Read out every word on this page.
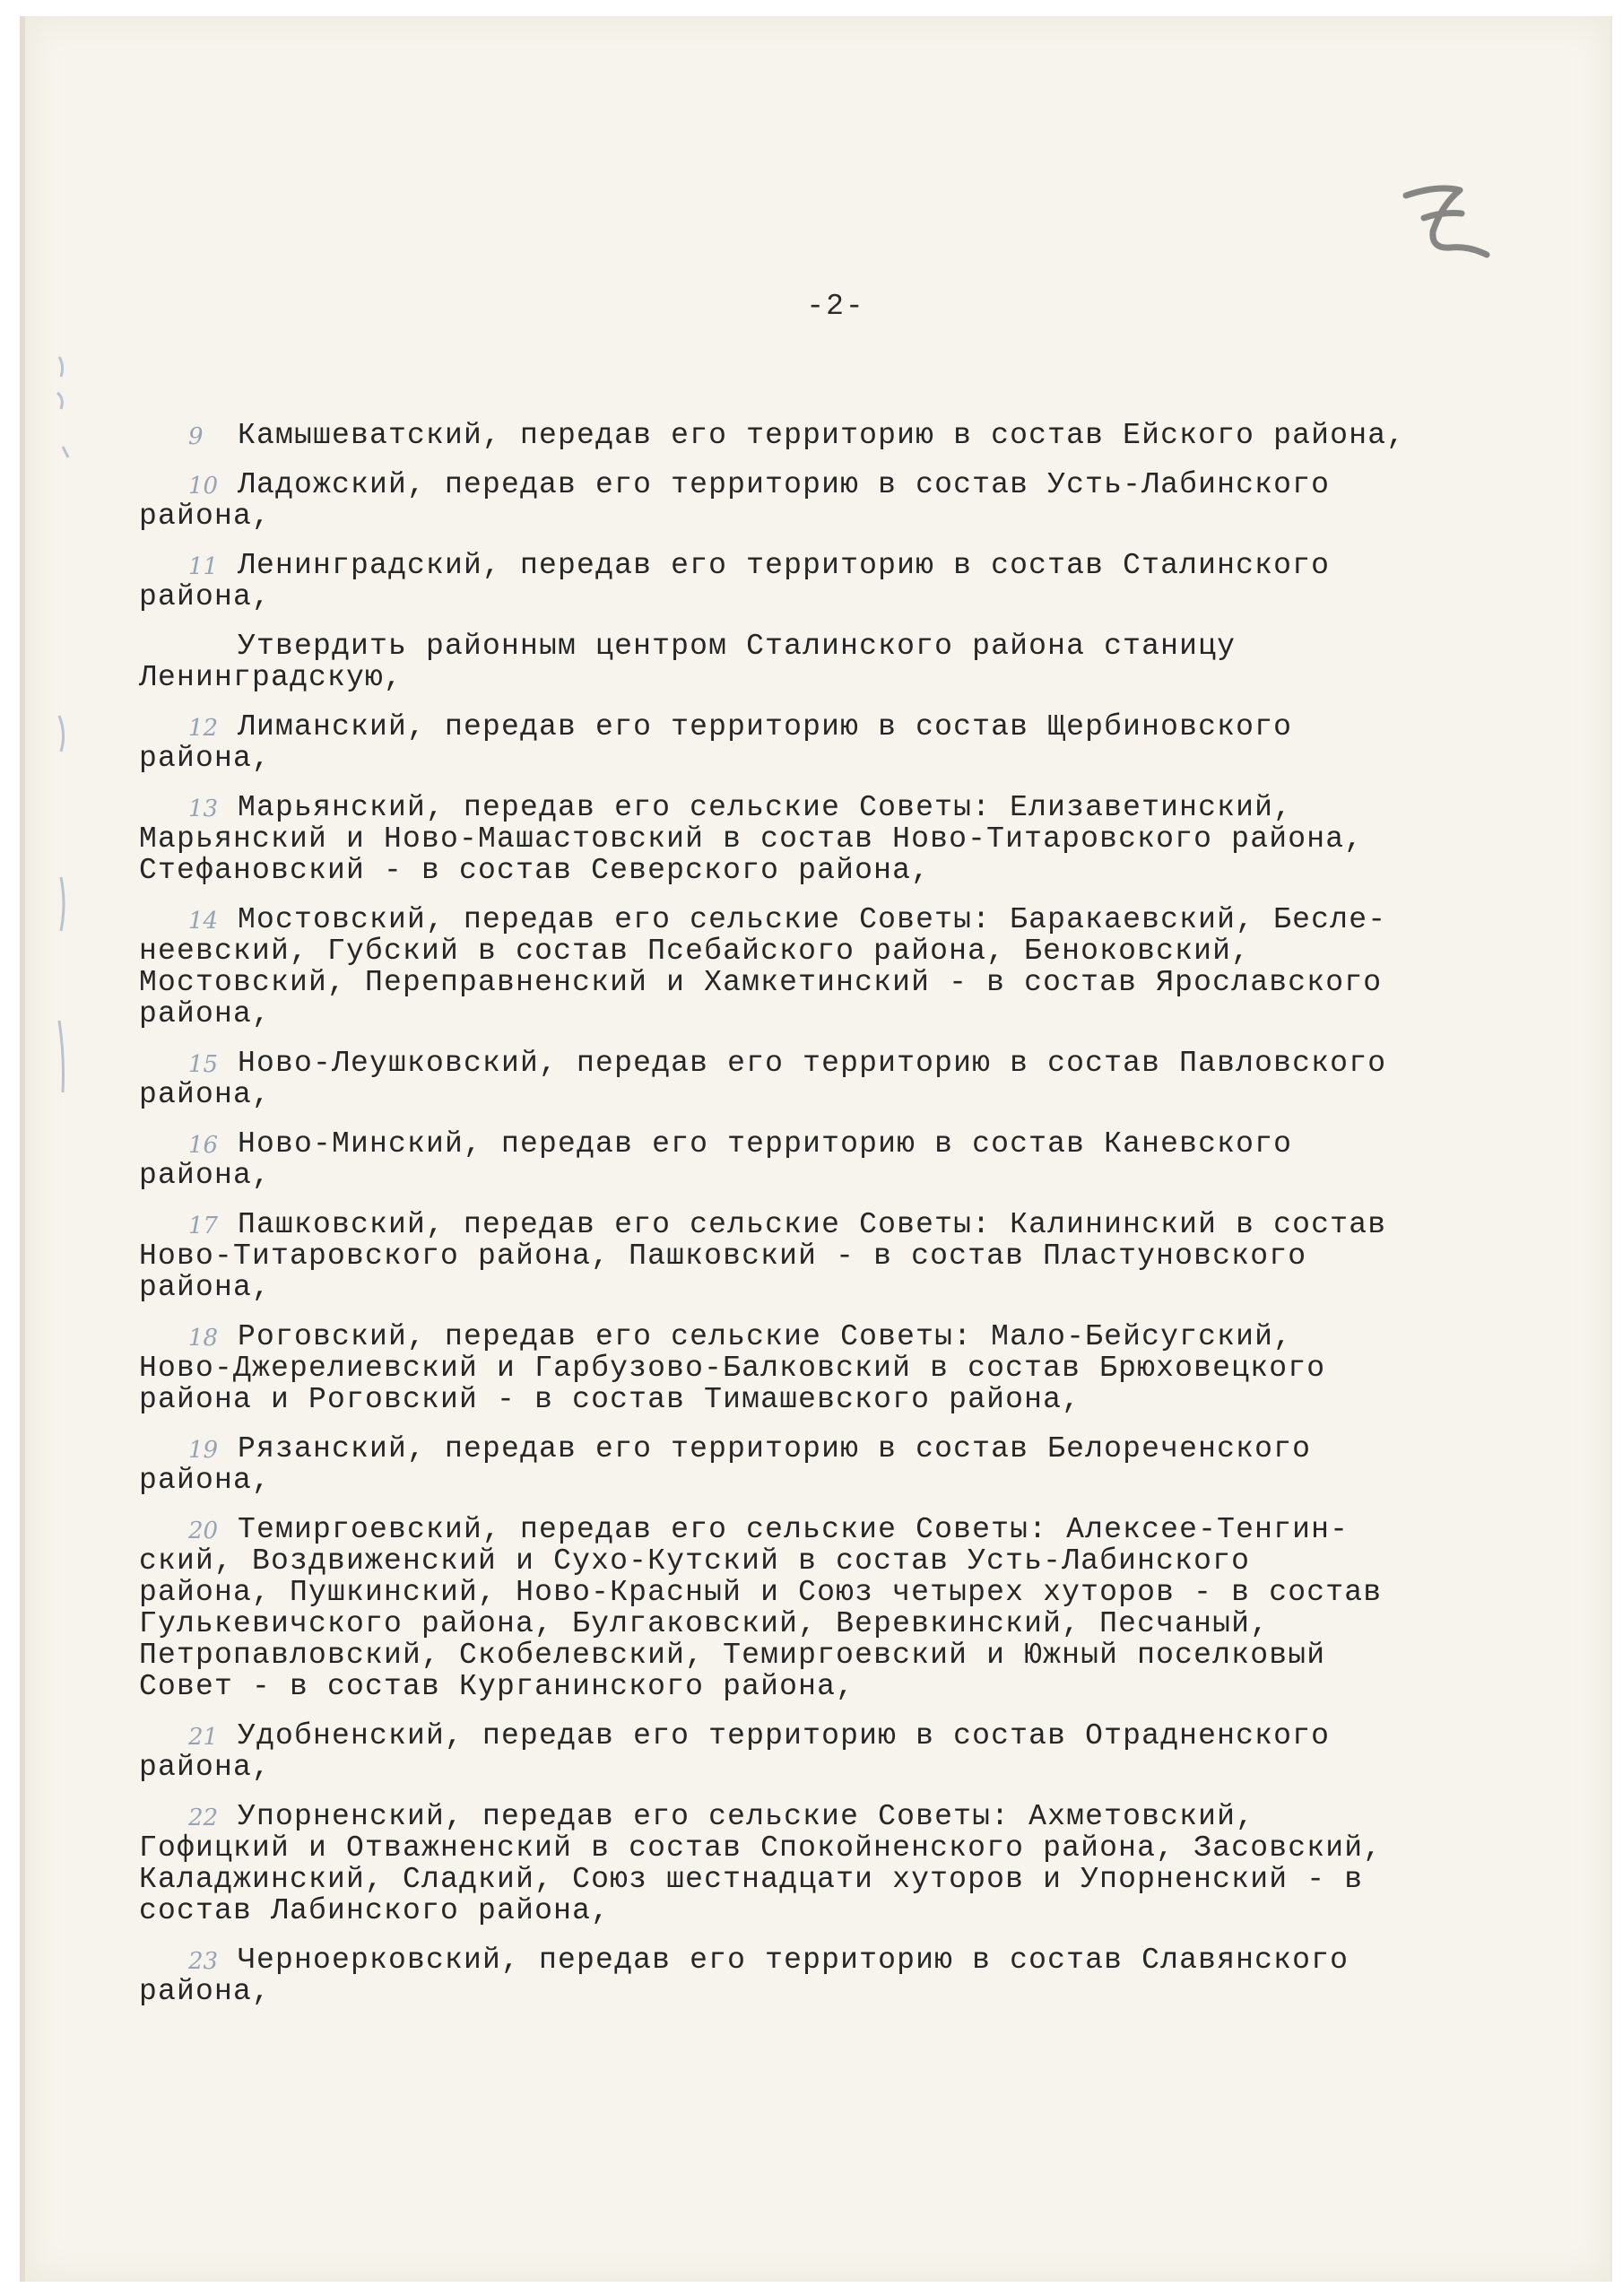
-2-
9	Камышеватский, передав его территорию в состав Ейского района,
10 Ладожский, передав его территорию в состав Усть-Лабинского
района,
11 Ленинградский, передав его территорию в состав Сталинского
района,
Утвердить районным центром Сталинского района станицу
Ленинградскую,
12 Лиманский, передав его территорию в состав Щербиновского
района,
13 Марьянский, передав его сельские Советы: Елизаветинский,
Марьянский и Ново-Машастовский в состав Ново-Титаровского района,
Стефановский - в состав Северского района,
14 Мостовский, передав его сельские Советы: Баракаевский, Бесле-
неевский, Губский в состав Псебайского района, Беноковский,
Мостовский, Переправненский и Хамкетинский - в состав Ярославского
района,
15 Ново-Леушковский, передав его территорию в состав Павловского
района,
16 Ново-Минский, передав его территорию в состав Каневского
района,
17 Пашковский, передав его сельские Советы: Калининский в состав
Ново-Титаровского района, Пашковский - в состав Пластуновского
района,
18 Роговский, передав его сельские Советы: Мало-Бейсугский,
Ново-Джерелиевский и Гарбузово-Балковский в состав Брюховецкого
района и Роговский - в состав Тимашевского района,
19 Рязанский, передав его территорию в состав Белореченского
района,
20 Темиргоевский, передав его сельские Советы: Алексее-Тенгин-
ский, Воздвиженский и Сухо-Кутский в состав Усть-Лабинского
района, Пушкинский, Ново-Красный и Союз четырех хуторов - в состав
Гулькевичского района, Булгаковский, Веревкинский, Песчаный,
Петропавловский, Скобелевский, Темиргоевский и Южный поселковый
Совет - в состав Курганинского района,
21 Удобненский, передав его территорию в состав Отрадненского
района,
22 Упорненский, передав его сельские Советы: Ахметовский,
Гофицкий и Отважненский в состав Спокойненского района, Засовский,
Каладжинский, Сладкий, Союз шестнадцати хуторов и Упорненский - в
состав Лабинского района,
23 Черноерковский, передав его территорию в состав Славянского
района,
